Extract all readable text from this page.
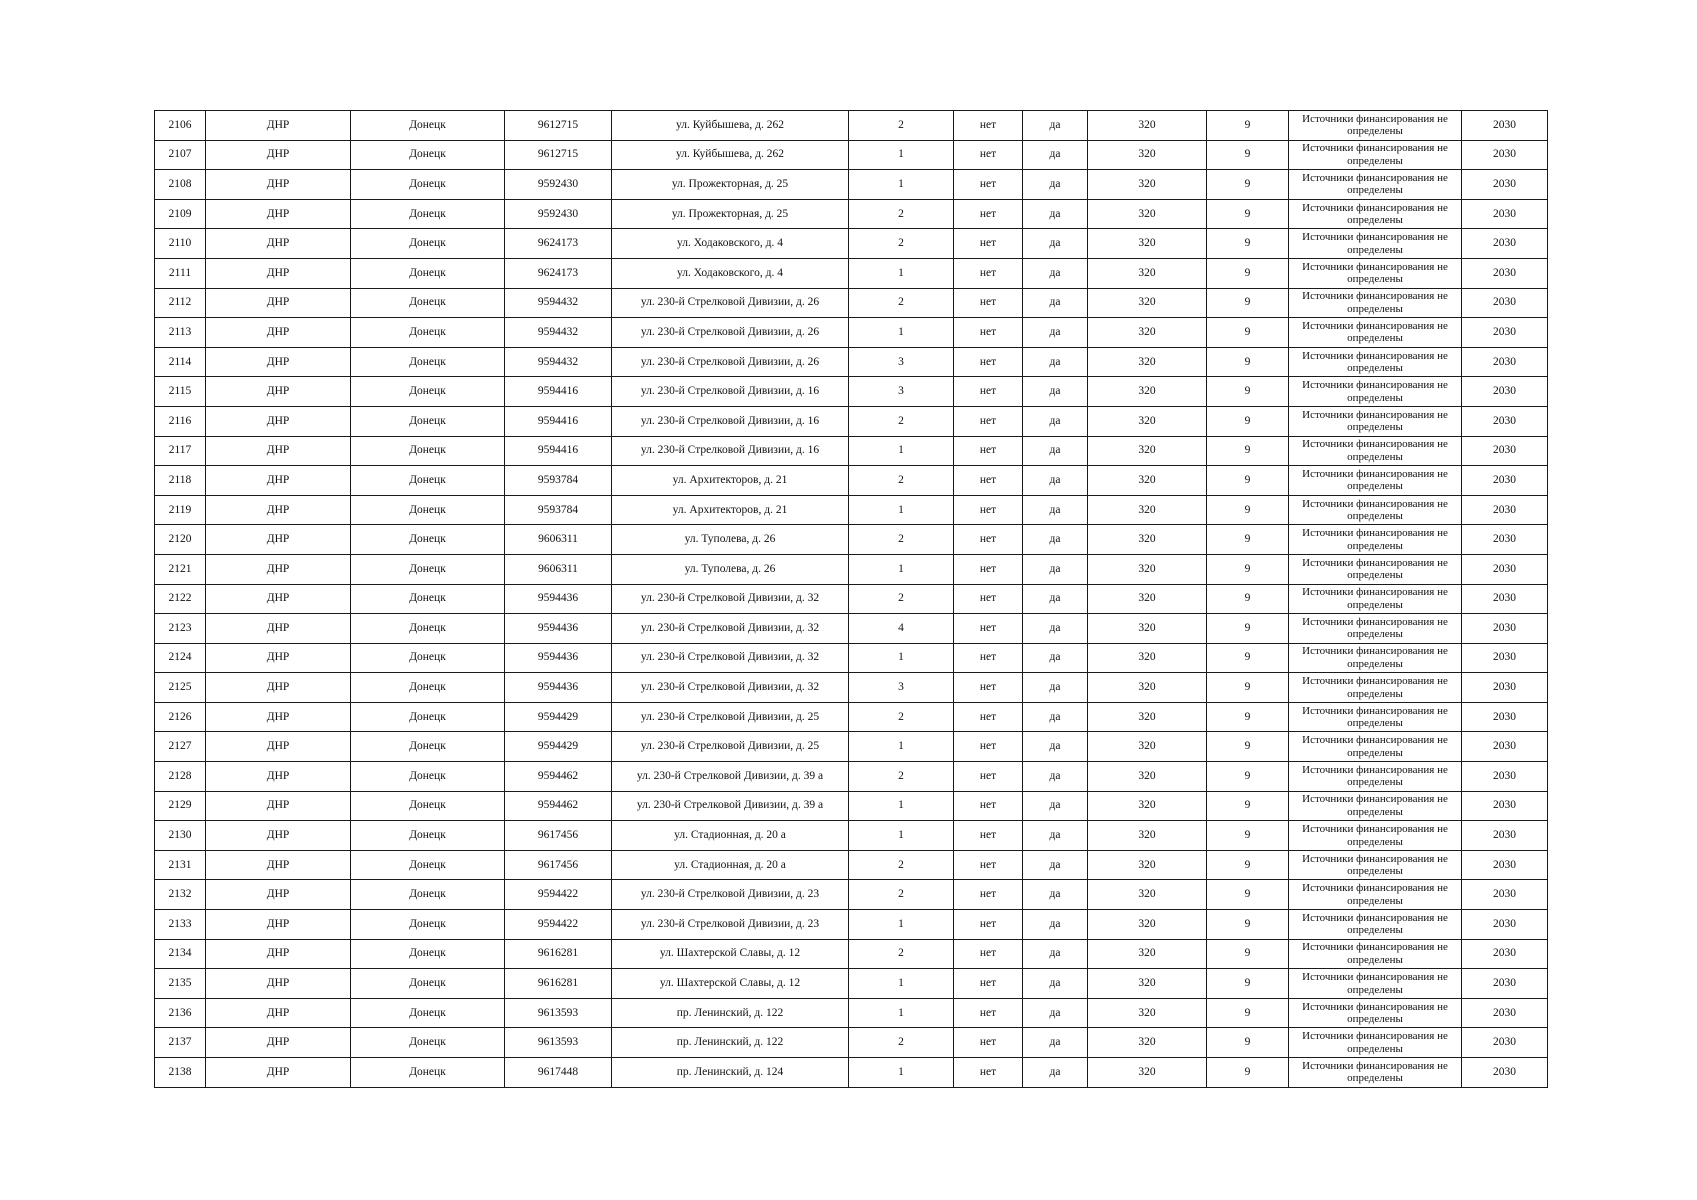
2106	ДНР	Донецк	9612715	ул. Куйбышева, д. 262	2	нет	да	320	9	Источники финансирования не определены	2030
2107	ДНР	Донецк	9612715	ул. Куйбышева, д. 262	1	нет	да	320	9	Источники финансирования не определены	2030
2108	ДНР	Донецк	9592430	ул. Прожекторная, д. 25	1	нет	да	320	9	Источники финансирования не определены	2030
2109	ДНР	Донецк	9592430	ул. Прожекторная, д. 25	2	нет	да	320	9	Источники финансирования не определены	2030
2110	ДНР	Донецк	9624173	ул. Ходаковского, д. 4	2	нет	да	320	9	Источники финансирования не определены	2030
2111	ДНР	Донецк	9624173	ул. Ходаковского, д. 4	1	нет	да	320	9	Источники финансирования не определены	2030
2112	ДНР	Донецк	9594432	ул. 230-й Стрелковой Дивизии, д. 26	2	нет	да	320	9	Источники финансирования не определены	2030
2113	ДНР	Донецк	9594432	ул. 230-й Стрелковой Дивизии, д. 26	1	нет	да	320	9	Источники финансирования не определены	2030
2114	ДНР	Донецк	9594432	ул. 230-й Стрелковой Дивизии, д. 26	3	нет	да	320	9	Источники финансирования не определены	2030
2115	ДНР	Донецк	9594416	ул. 230-й Стрелковой Дивизии, д. 16	3	нет	да	320	9	Источники финансирования не определены	2030
2116	ДНР	Донецк	9594416	ул. 230-й Стрелковой Дивизии, д. 16	2	нет	да	320	9	Источники финансирования не определены	2030
2117	ДНР	Донецк	9594416	ул. 230-й Стрелковой Дивизии, д. 16	1	нет	да	320	9	Источники финансирования не определены	2030
2118	ДНР	Донецк	9593784	ул. Архитекторов, д. 21	2	нет	да	320	9	Источники финансирования не определены	2030
2119	ДНР	Донецк	9593784	ул. Архитекторов, д. 21	1	нет	да	320	9	Источники финансирования не определены	2030
2120	ДНР	Донецк	9606311	ул. Туполева, д. 26	2	нет	да	320	9	Источники финансирования не определены	2030
2121	ДНР	Донецк	9606311	ул. Туполева, д. 26	1	нет	да	320	9	Источники финансирования не определены	2030
2122	ДНР	Донецк	9594436	ул. 230-й Стрелковой Дивизии, д. 32	2	нет	да	320	9	Источники финансирования не определены	2030
2123	ДНР	Донецк	9594436	ул. 230-й Стрелковой Дивизии, д. 32	4	нет	да	320	9	Источники финансирования не определены	2030
2124	ДНР	Донецк	9594436	ул. 230-й Стрелковой Дивизии, д. 32	1	нет	да	320	9	Источники финансирования не определены	2030
2125	ДНР	Донецк	9594436	ул. 230-й Стрелковой Дивизии, д. 32	3	нет	да	320	9	Источники финансирования не определены	2030
2126	ДНР	Донецк	9594429	ул. 230-й Стрелковой Дивизии, д. 25	2	нет	да	320	9	Источники финансирования не определены	2030
2127	ДНР	Донецк	9594429	ул. 230-й Стрелковой Дивизии, д. 25	1	нет	да	320	9	Источники финансирования не определены	2030
2128	ДНР	Донецк	9594462	ул. 230-й Стрелковой Дивизии, д. 39 а	2	нет	да	320	9	Источники финансирования не определены	2030
2129	ДНР	Донецк	9594462	ул. 230-й Стрелковой Дивизии, д. 39 а	1	нет	да	320	9	Источники финансирования не определены	2030
2130	ДНР	Донецк	9617456	ул. Стадионная, д. 20 а	1	нет	да	320	9	Источники финансирования не определены	2030
2131	ДНР	Донецк	9617456	ул. Стадионная, д. 20 а	2	нет	да	320	9	Источники финансирования не определены	2030
2132	ДНР	Донецк	9594422	ул. 230-й Стрелковой Дивизии, д. 23	2	нет	да	320	9	Источники финансирования не определены	2030
2133	ДНР	Донецк	9594422	ул. 230-й Стрелковой Дивизии, д. 23	1	нет	да	320	9	Источники финансирования не определены	2030
2134	ДНР	Донецк	9616281	ул. Шахтерской Славы, д. 12	2	нет	да	320	9	Источники финансирования не определены	2030
2135	ДНР	Донецк	9616281	ул. Шахтерской Славы, д. 12	1	нет	да	320	9	Источники финансирования не определены	2030
2136	ДНР	Донецк	9613593	пр. Ленинский, д. 122	1	нет	да	320	9	Источники финансирования не определены	2030
2137	ДНР	Донецк	9613593	пр. Ленинский, д. 122	2	нет	да	320	9	Источники финансирования не определены	2030
2138	ДНР	Донецк	9617448	пр. Ленинский, д. 124	1	нет	да	320	9	Источники финансирования не определены	2030
